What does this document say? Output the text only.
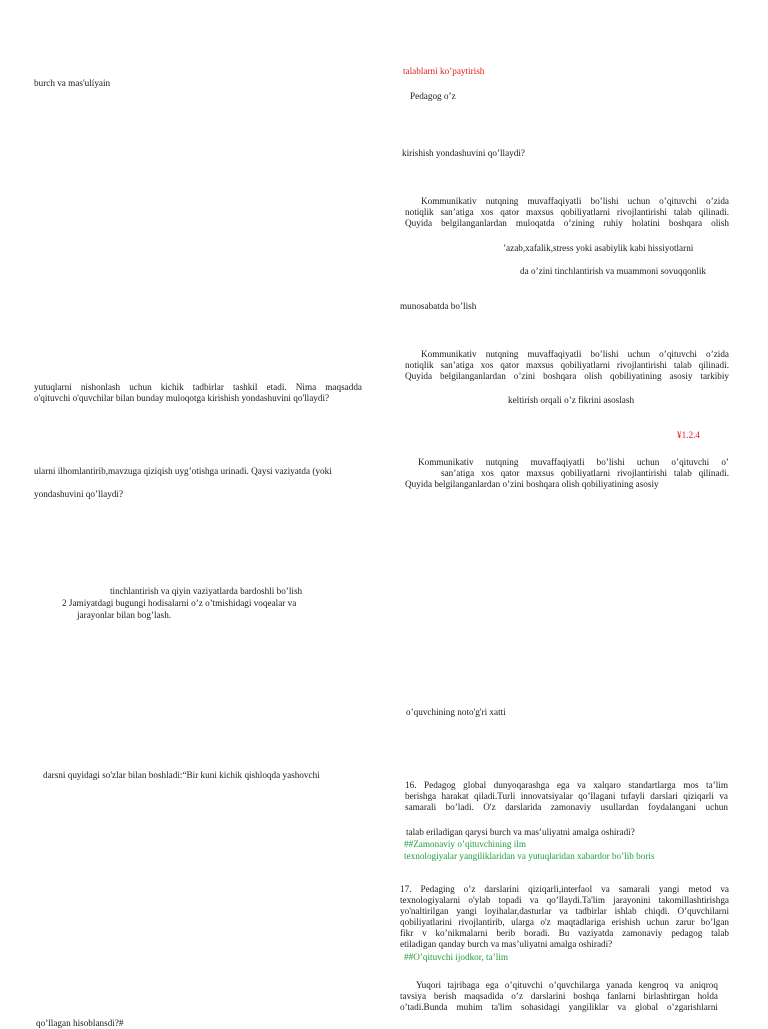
burch va mas'ulíyain

yutuqlarni nishonlash uchun kichik tadbirlar tashkil etadi. Nima maqsadda
o'qituvchi o'quvchilar bilan bunday muloqotga kirishish yondashuvini qo'llaydi?

ularni ilhomlantirib,mavzuga qiziqish uyg’otishga urinadi. Qaysi vaziyatda (yoki

yondashuvini qo’llaydi?

tinchlantirish va qiyin vaziyatlarda bardoshli bo’lish

2 Jamiyatdagi bugungi hodisalarni o’z o’tmishidagi voqealar va

jarayonlar bilan bog’lash.

darsni quyidagi so'zlar bilan boshladi:“Bir kuni kichik qishloqda yashovchi

qo’llagan hisoblansdi?#

talablarni ko’paytirish

Pedagog o’z

kirishish yondashuvini qo’llaydi?

Kommunikativ nutqning muvaffaqiyatli bo’lishi uchun o’qituvchi o’zida
notiqlik san’atiga xos qator maxsus qobiliyatlarni rivojlantirishi talab qilinadi.
Quyida belgilanganlardan muloqatda o’zining ruhiy holatini boshqara olish

’azab,xafalik,stress yoki asabiylik kabi hissiyotlarni

da o’zini tinchlantirish va muammoni sovuqqonlik

munosabatda bo’lish

Kommunikativ nutqning muvaffaqiyatli bo’lishi uchun o’qituvchi o’zida
notiqlik san’atiga xos qator maxsus qobiliyatlarni rivojlantirishi talab qilinadi.
Quyida belgilanganlardan o’zini boshqara olish qobiliyatining asosiy tarkibiy

keltirish orqali o’z fikrini asoslash

¥1.2.4

Kommunikativ nutqning muvaffaqiyatli bo’lishi uchun o’qituvchi o’
san’atiga xos qator maxsus qobiliyatlarni rivojlantirishi talab qilinadi.
Quyida belgilanganlardan o’zini boshqara olish qobiliyatining asosiy

o’quvchining noto'g'ri xatti

16. Pedagog global dunyoqarashga ega va xalqaro standartlarga mos ta’lim
berishga harakat qiladi.Turli innovatsiyalar qo’llagani tufayli darslari qiziqarli va
samarali bo’ladi. O'z darslarida zamonaviy usullardan foydalangani uchun

talab eriladigan qarysi burch va mas’uliyatni amalga oshiradi?

##Zamonaviy o’qituvchining ilm

texnologiyalar yangiliklaridan va yutuqlaridan xabardor bo’lib boris

17. Pedaging o’z darslarini qiziqarli,interfaol va samarali yangi metod va
texnologiyalarni o'ylab topadi va qo’llaydi.Ta'lim jarayonini takomillashtirishga
yo'naltirilgan yangi loyihalar,dasturlar va tadbirlar ishlab chiqdi. O’quvchilarni
qobiliyatlarini rivojlantirib, ularga o'z maqtadlariga erishish uchun zarur bo’lgan
fikr v ko’nikmalarni berib boradi. Bu vaziyatda zamonaviy pedagog talab
etiladigan qanday burch va mas’uliyatni amalga oshiradi?

##O’qituvchi ijodkor, ta’lim

Yuqori tajribaga ega o’qituvchi o’quvchilarga yanada kengroq va aniqroq
tavsiya berish maqsadida o’z darslarini boshqa fanlarni birlashtirgan holda
o’tadi.Bunda muhim ta'lim sohasidagi yangiliklar va global o’zgarishlarni
